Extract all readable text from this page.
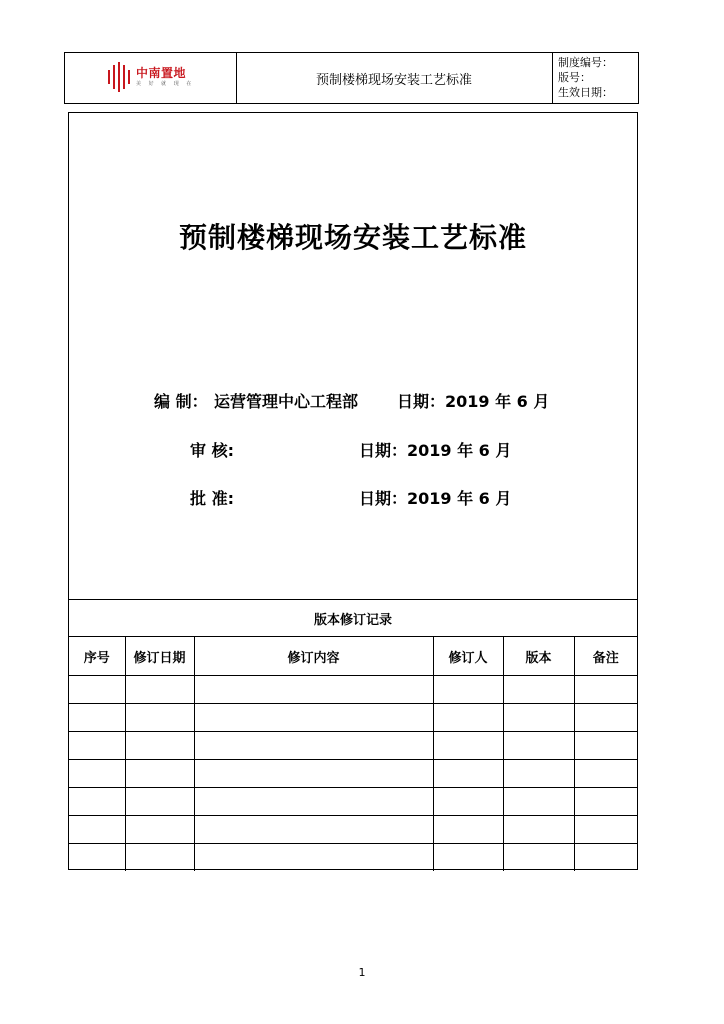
中南置地
美 好 就 现 在	预制楼梯现场安装工艺标准
制度编号：
版号：
生效日期：
预制楼梯现场安装工艺标准
编 制： 运营管理中心工程部 日期：2019 年 6 月
审 核:	日期：2019 年 6 月
批 准:	日期：2019 年 6 月
版本修订记录
序号	修订日期	修订内容	修订人	版本	备注

1
